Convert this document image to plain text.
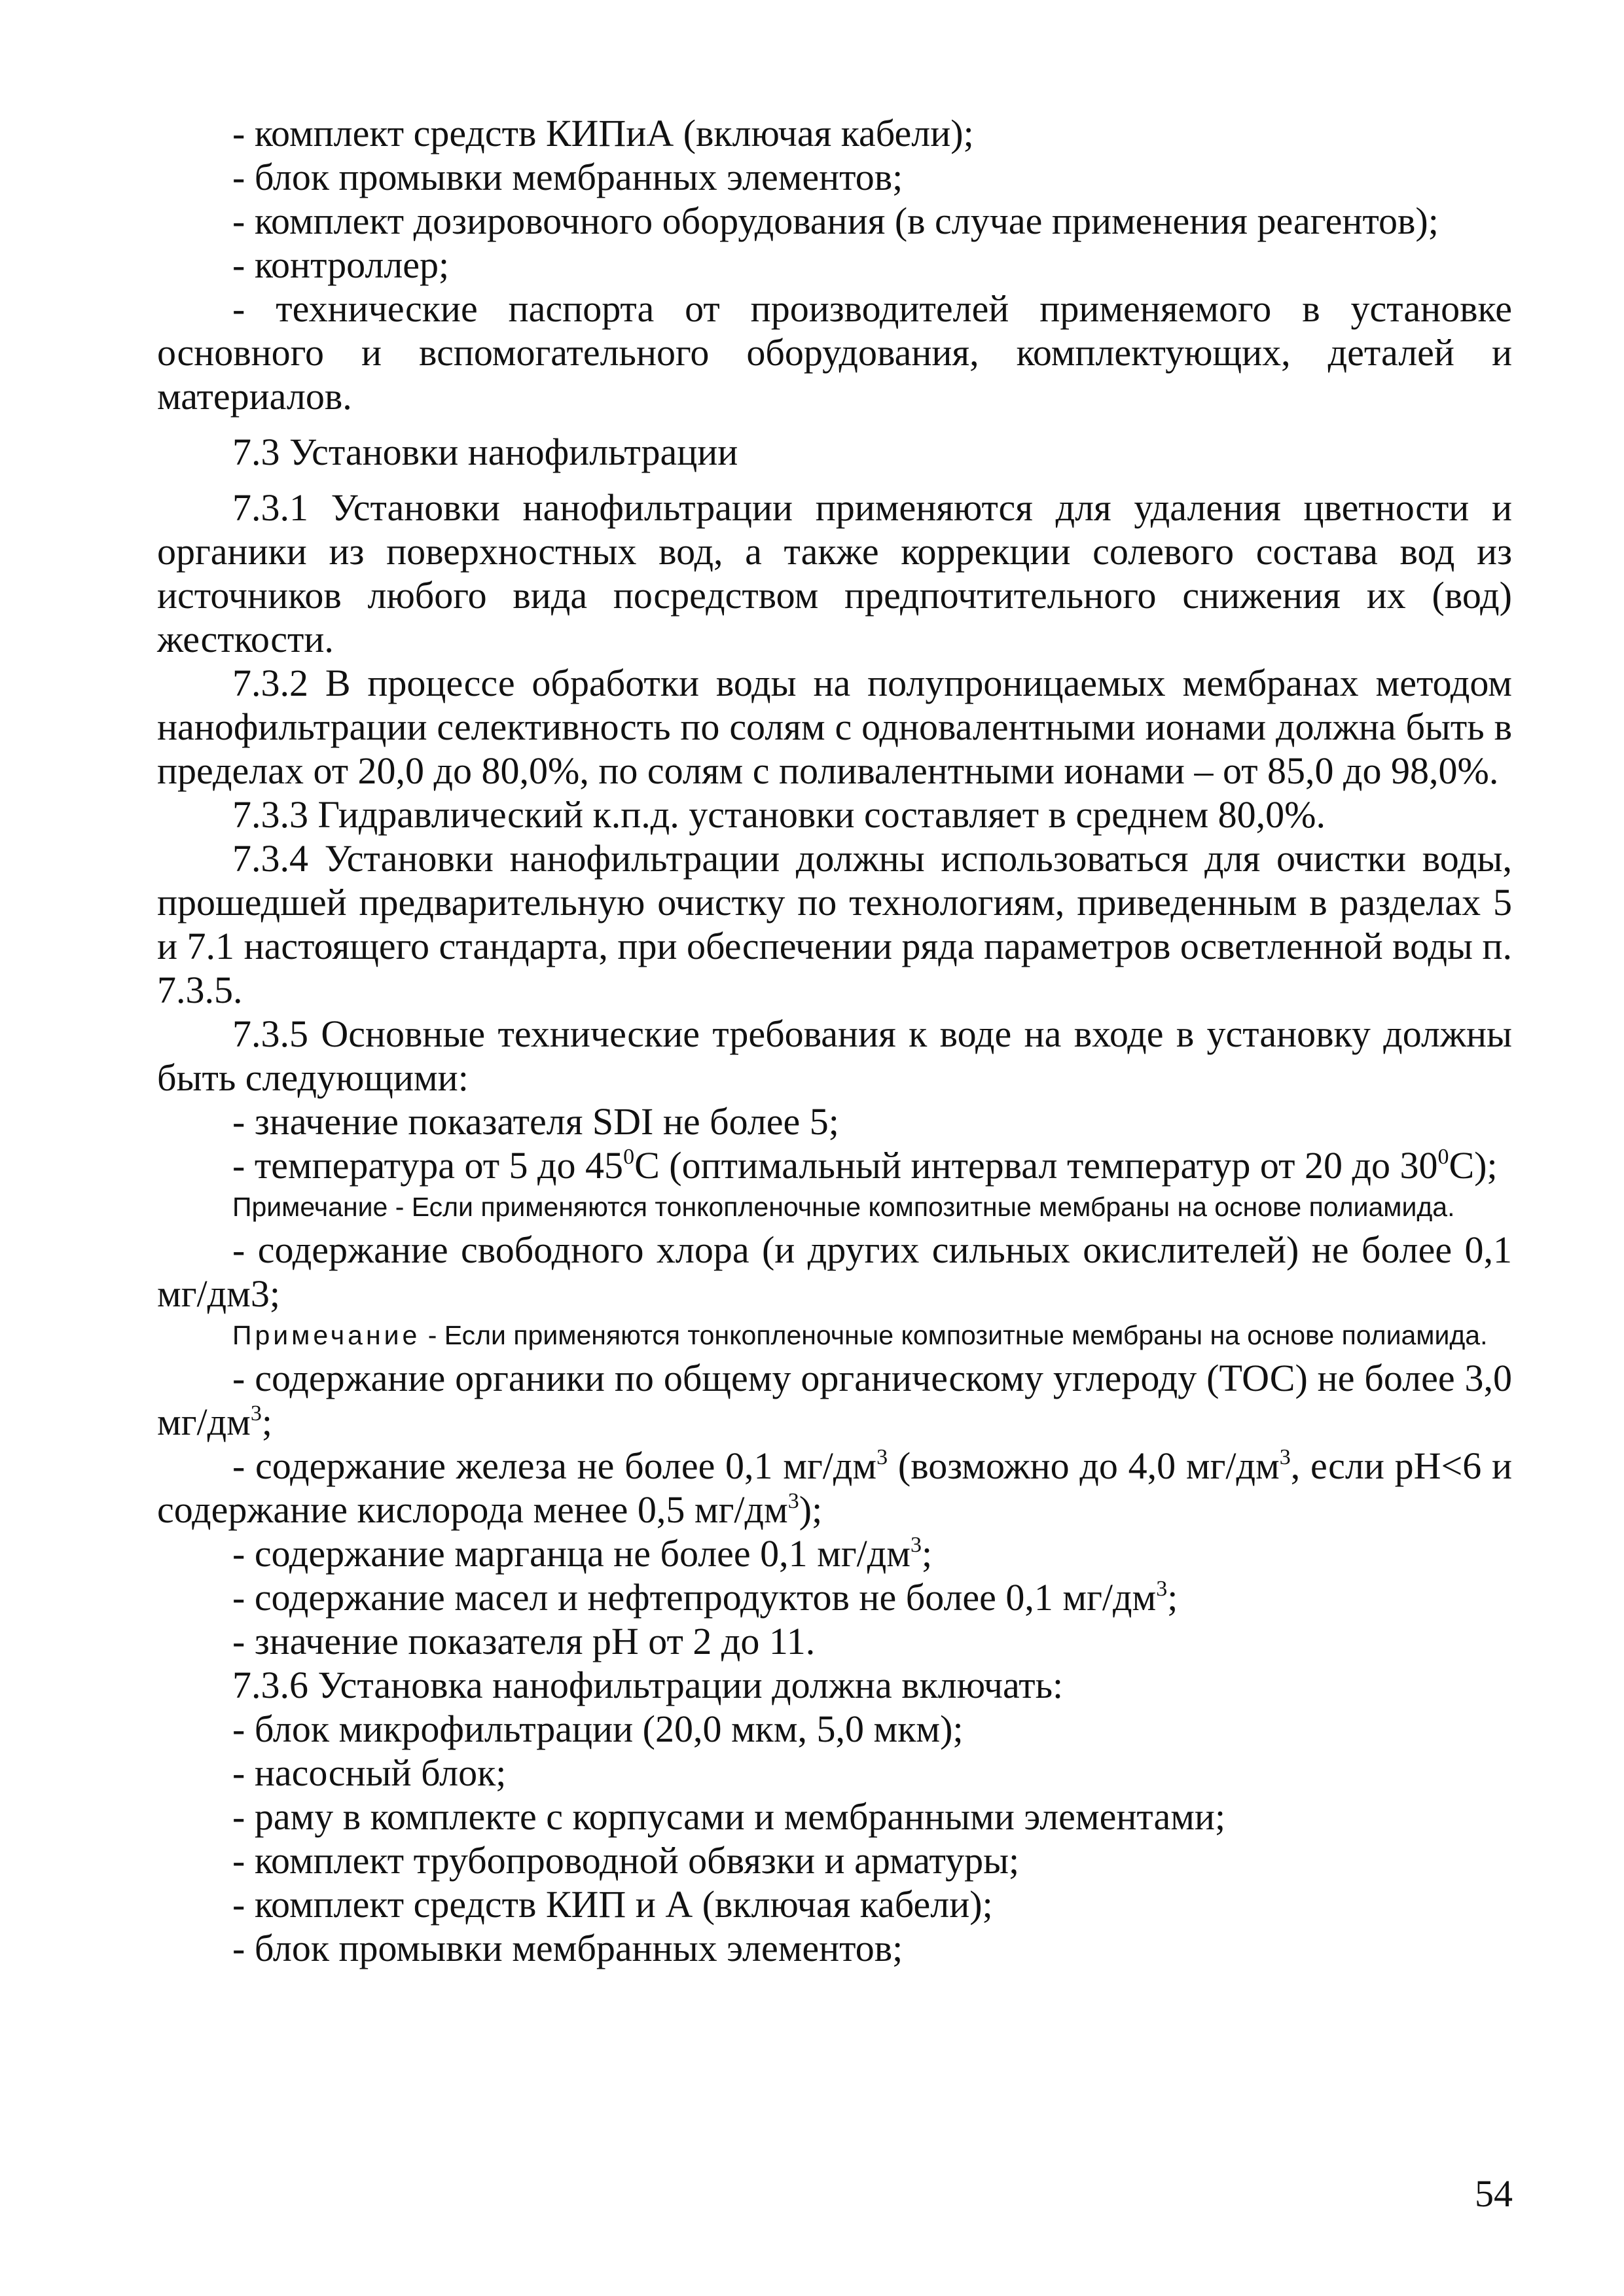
- комплект средств КИПиА (включая кабели);

- блок промывки мембранных элементов;

- комплект дозировочного оборудования (в случае применения реагентов);

- контроллер;

- технические паспорта от производителей применяемого в установке основного и вспомогательного оборудования, комплектующих, деталей и материалов.

7.3 Установки нанофильтрации

7.3.1 Установки нанофильтрации применяются для удаления цветности и органики из поверхностных вод, а также коррекции солевого состава вод из источников любого вида посредством предпочтительного снижения их (вод) жесткости.

7.3.2 В процессе обработки воды на полупроницаемых мембранах методом нанофильтрации селективность по солям с одновалентными ионами должна быть в пределах от 20,0 до 80,0%, по солям с поливалентными ионами – от 85,0 до 98,0%.

7.3.3 Гидравлический к.п.д. установки составляет в среднем 80,0%.

7.3.4 Установки нанофильтрации должны использоваться для очистки воды, прошедшей предварительную очистку по технологиям, приведенным в разделах 5 и 7.1 настоящего стандарта, при обеспечении ряда параметров осветленной воды п. 7.3.5.

7.3.5 Основные технические требования к воде на входе в установку должны быть следующими:

- значение показателя SDI не более 5;

- температура от 5 до $45^0С$ (оптимальный интервал температур от 20 до $30^0С$);

Примечание - Если применяются тонкопленочные композитные мембраны на основе полиамида.

- содержание свободного хлора (и других сильных окислителей) не более 0,1 мг/дм3;

Примечание - Если применяются тонкопленочные композитные мембраны на основе полиамида.

- содержание органики по общему органическому углероду (ТОС) не более 3,0 $мг/дм^3$;

- содержание железа не более 0,1 $мг/дм^3$ (возможно до 4,0 $мг/дм^3$, если pH<6 и содержание кислорода менее 0,5 $мг/дм^3$);

- содержание марганца не более 0,1 $мг/дм^3$;

- содержание масел и нефтепродуктов не более 0,1 $мг/дм^3$;

- значение показателя pH от 2 до 11.

7.3.6 Установка нанофильтрации должна включать:

- блок микрофильтрации (20,0 мкм, 5,0 мкм);

- насосный блок;

- раму в комплекте с корпусами и мембранными элементами;

- комплект трубопроводной обвязки и арматуры;

- комплект средств КИП и А (включая кабели);

- блок промывки мембранных элементов;

54
